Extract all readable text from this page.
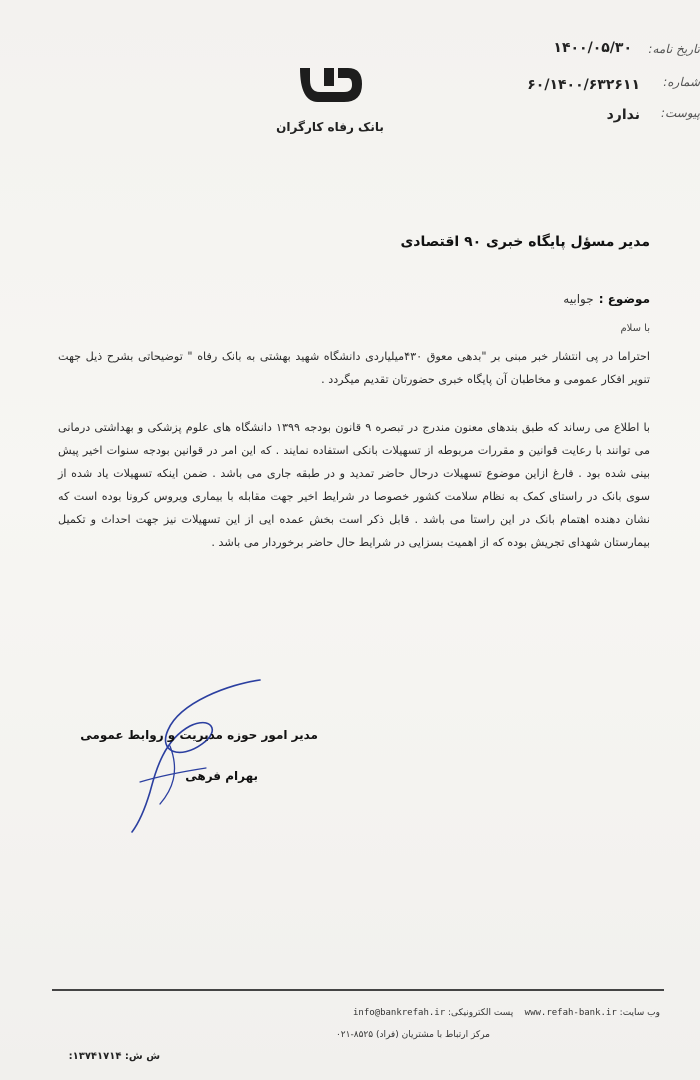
تاریخ نامه:
۱۴۰۰/۰۵/۳۰
شماره:
۶۰/۱۴۰۰/۶۳۲۶۱۱
پیوست:
ندارد
بانک رفاه کارگران
مدیر مسؤل پایگاه خبری ۹۰ اقتصادی
موضوع : جوابیه
با سلام
احتراما در پی انتشار خبر مبنی بر "بدهی معوق ۴۳۰میلیاردی دانشگاه شهید بهشتی به بانک رفاه " توضیحاتی بشرح ذیل جهت تنویر افکار عمومی و مخاطبان آن پایگاه خبری حضورتان تقدیم میگردد .
با اطلاع می رساند که طبق بندهای معنون مندرج در تبصره ۹ قانون بودجه ۱۳۹۹ دانشگاه های علوم پزشکی و بهداشتی درمانی می توانند با رعایت قوانین و مقررات مربوطه از تسهیلات بانکی استفاده نمایند . که این امر در قوانین بودجه سنوات اخیر پیش بینی شده بود . فارغ ازاین موضوع تسهیلات درحال حاضر تمدید و در طبقه جاری می باشد . ضمن اینکه تسهیلات یاد شده از سوی بانک در راستای کمک به نظام سلامت کشور خصوصا در شرایط اخیر جهت مقابله با بیماری ویروس کرونا بوده است که نشان دهنده اهتمام بانک در این راستا می باشد . قابل ذکر است بخش عمده ایی از این تسهیلات نیز جهت احداث و تکمیل بیمارستان شهدای تجریش بوده که از اهمیت بسزایی در شرایط حال حاضر برخوردار می باشد .
مدیر امور حوزه مدیریت و روابط عمومی
بهرام فرهی
وب سایت: www.refah-bank.ir    پست الکترونیکی: info@bankrefah.ir
مرکز ارتباط با مشتریان (فراد) ۸۵۲۵-۰۲۱
ش ش: ۱۳۷۴۱۷۱۴:
